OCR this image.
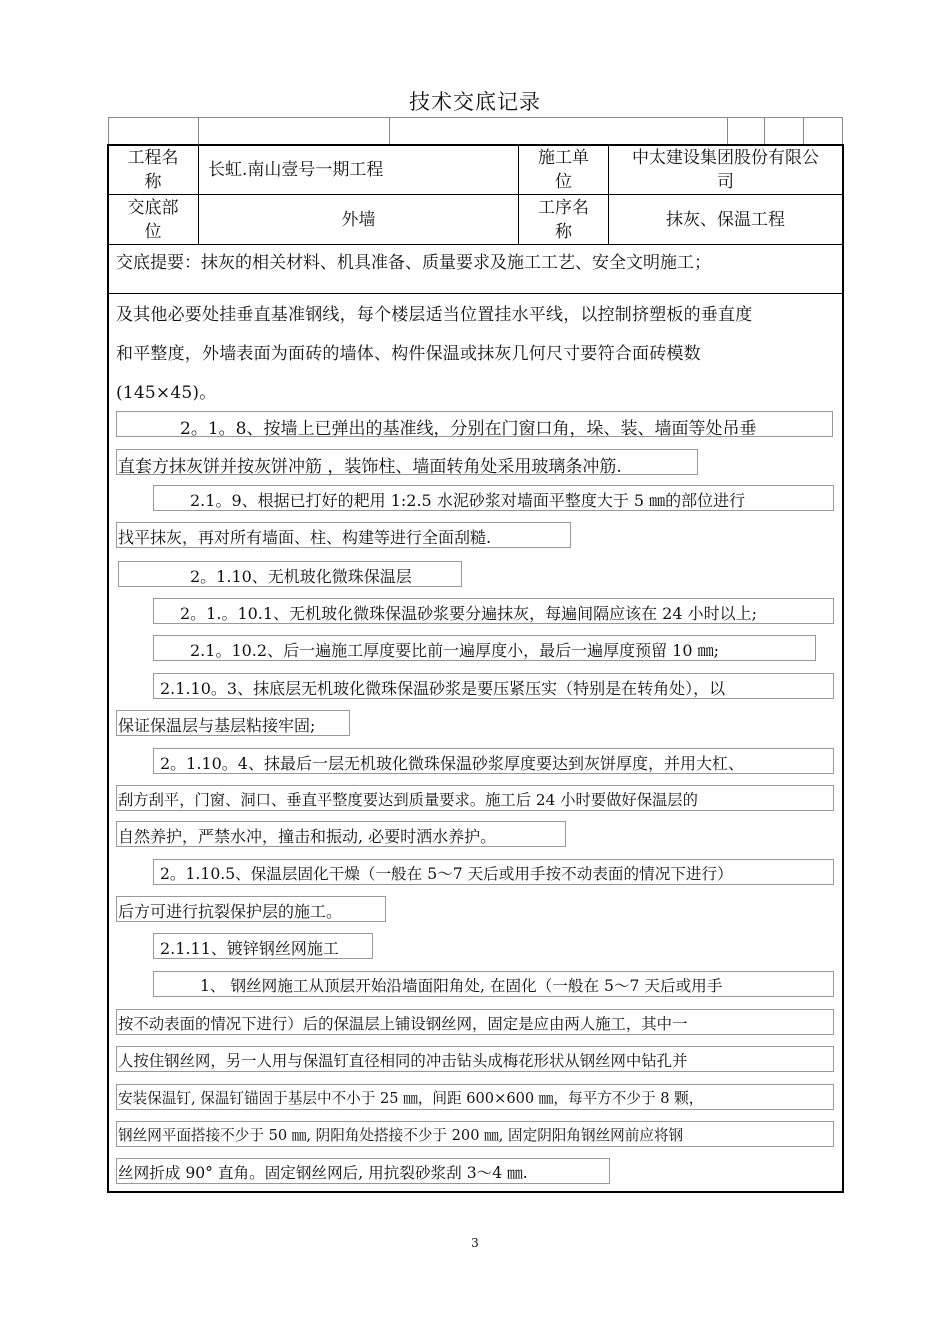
技术交底记录
工程名
称
长虹.南山壹号一期工程
施工单
位
中太建设集团股份有限公
司
交底部
位
外墙
工序名
称
抹灰、保温工程
交底提要：抹灰的相关材料、机具准备、质量要求及施工工艺、安全文明施工；
及其他必要处挂垂直基准钢线，每个楼层适当位置挂水平线，以控制挤塑板的垂直度
和平整度，外墙表面为面砖的墙体、构件保温或抹灰几何尺寸要符合面砖模数
(145×45)。
2。1。8、按墙上已弹出的基准线，分别在门窗口角，垛、装、墙面等处吊垂
直套方抹灰饼并按灰饼冲筋 ，装饰柱、墙面转角处采用玻璃条冲筋.
2.1。9、根据已打好的耙用 1:2.5 水泥砂浆对墙面平整度大于 5 ㎜的部位进行
找平抹灰，再对所有墙面、柱、构建等进行全面刮糙.
2。1.10、无机玻化微珠保温层
2。1.。10.1、无机玻化微珠保温砂浆要分遍抹灰，每遍间隔应该在 24 小时以上;
2.1。10.2、后一遍施工厚度要比前一遍厚度小，最后一遍厚度预留 10 ㎜;
2.1.10。3、抹底层无机玻化微珠保温砂浆是要压紧压实（特别是在转角处），以
保证保温层与基层粘接牢固;
2。1.10。4、抹最后一层无机玻化微珠保温砂浆厚度要达到灰饼厚度，并用大杠、
刮方刮平，门窗、洞口、垂直平整度要达到质量要求。施工后 24 小时要做好保温层的
自然养护，严禁水冲，撞击和振动, 必要时洒水养护。
2。1.10.5、保温层固化干燥（一般在 5～7 天后或用手按不动表面的情况下进行）
后方可进行抗裂保护层的施工。
2.1.11、镀锌钢丝网施工
1、 钢丝网施工从顶层开始沿墙面阳角处, 在固化（一般在 5～7 天后或用手
按不动表面的情况下进行）后的保温层上铺设钢丝网，固定是应由两人施工，其中一
人按住钢丝网，另一人用与保温钉直径相同的冲击钻头成梅花形状从钢丝网中钻孔并
安装保温钉, 保温钉锚固于基层中不小于 25 ㎜，间距 600×600 ㎜，每平方不少于 8 颗，
钢丝网平面搭接不少于 50 ㎜, 阴阳角处搭接不少于 200 ㎜, 固定阴阳角钢丝网前应将钢
丝网折成 90° 直角。固定钢丝网后, 用抗裂砂浆刮 3～4 ㎜.
3
